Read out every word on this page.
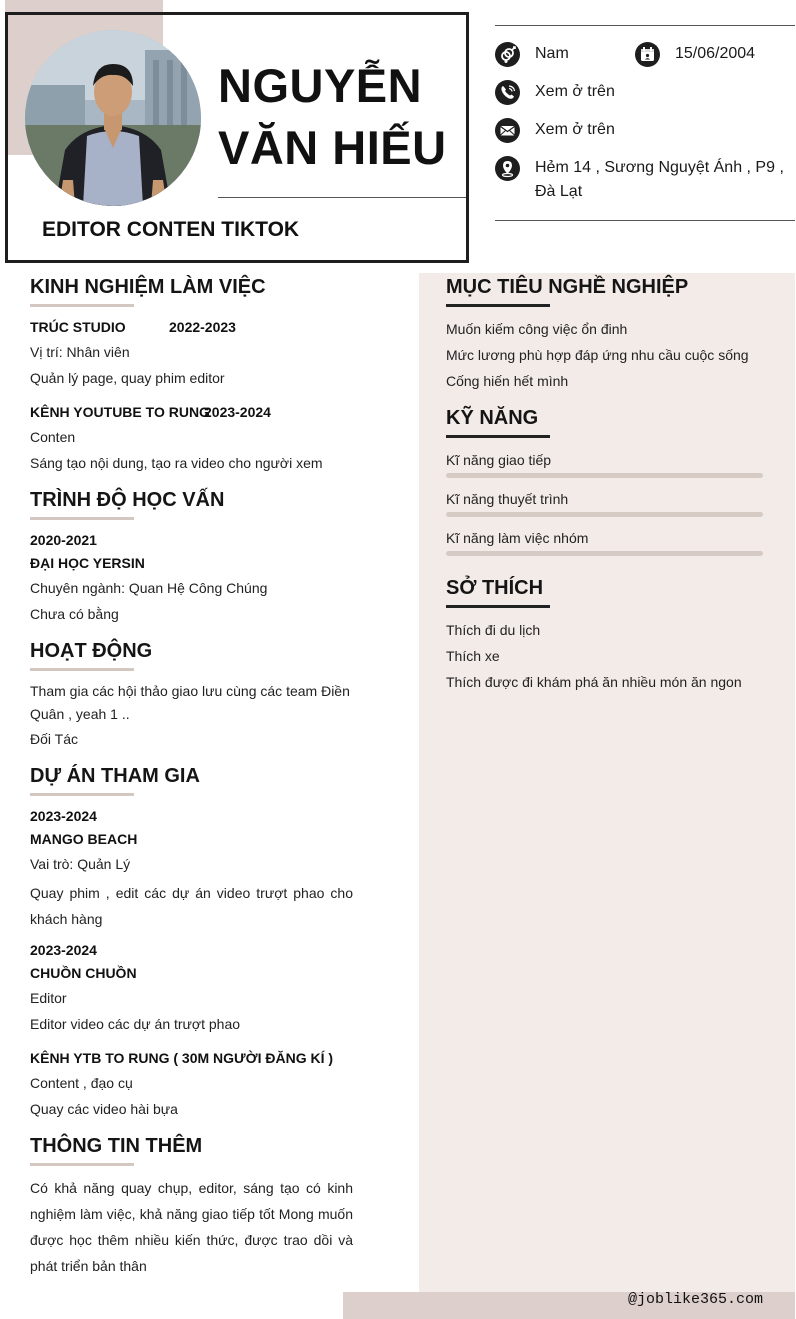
NGUYỄN
VĂN HIẾU
EDITOR CONTEN TIKTOK
Nam	15/06/2004
Xem ở trên
Xem ở trên
Hẻm 14 , Sương Nguyệt Ánh , P9 ,
Đà Lạt
KINH NGHIỆM LÀM VIỆC
TRÚC STUDIO	2022-2023
Vị trí: Nhân viên
Quản lý page, quay phim editor
KÊNH YOUTUBE TO RUNG
2023-2024
Conten
Sáng tạo nội dung, tạo ra video cho người xem
TRÌNH ĐỘ HỌC VẤN
2020-2021
ĐẠI HỌC YERSIN
Chuyên ngành: Quan Hệ Công Chúng
Chưa có bằng
HOẠT ĐỘNG
Tham gia các hội thảo giao lưu cùng các team Điền
Quân , yeah 1 ..
Đối Tác
DỰ ÁN THAM GIA
2023-2024
MANGO BEACH
Vai trò: Quản Lý
Quay phim , edit các dự án video trượt phao cho khách hàng
2023-2024
CHUỒN CHUỒN
Editor
Editor video các dự án trượt phao
KÊNH YTB TO RUNG ( 30M NGƯỜI ĐĂNG KÍ )
Content , đạo cụ
Quay các video hài bựa
THÔNG TIN THÊM
Có khả năng quay chụp, editor, sáng tạo có kinh nghiệm làm việc, khả năng giao tiếp tốt Mong muốn được học thêm nhiều kiến thức, được trao dồi và phát triển bản thân
MỤC TIÊU NGHỀ NGHIỆP
Muốn kiếm công việc ổn đinh
Mức lương phù hợp đáp ứng nhu cầu cuộc sống
Cống hiến hết mình
KỸ NĂNG
Kĩ năng giao tiếp
Kĩ năng thuyết trình
Kĩ năng làm việc nhóm
SỞ THÍCH
Thích đi du lịch
Thích xe
Thích được đi khám phá ăn nhiều món ăn ngon
@joblike365.com
